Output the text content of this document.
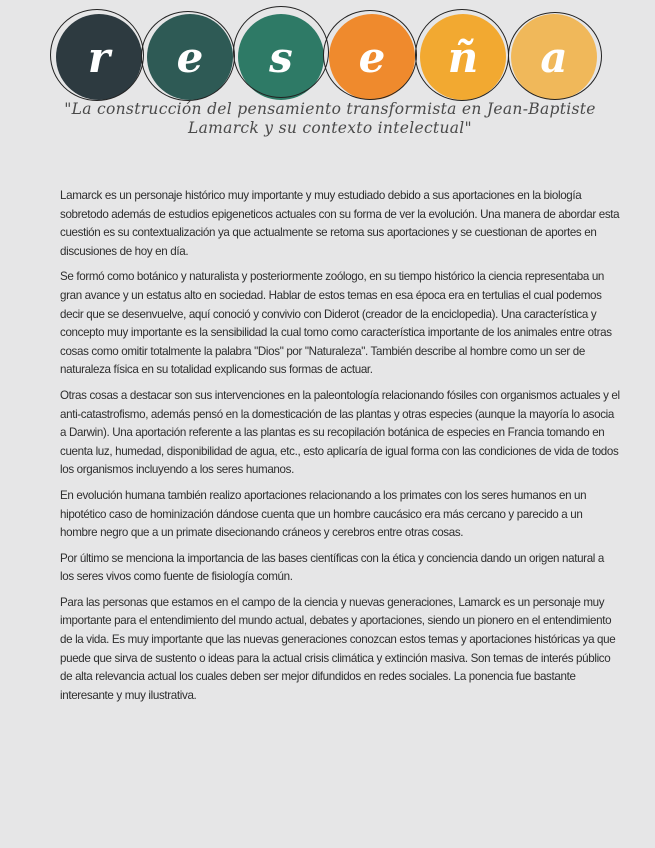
r	e	s	e	ñ	a
"La construcción del pensamiento transformista en Jean-Baptiste Lamarck y su contexto intelectual"

Lamarck es un personaje histórico muy importante y muy estudiado debido a sus aportaciones en la biología sobretodo además de estudios epigeneticos actuales con su forma de ver la evolución. Una manera de abordar esta cuestión es su contextualización ya que actualmente se retoma sus aportaciones y se cuestionan de aportes en discusiones de hoy en día.

Se formó como botánico y naturalista y posteriormente zoólogo, en su tiempo histórico la ciencia representaba un gran avance y un estatus alto en sociedad. Hablar de estos temas en esa época era en tertulias el cual podemos decir que se desenvuelve, aquí conoció y convivio con Diderot (creador de la enciclopedia). Una característica y concepto muy importante es la sensibilidad la cual tomo como característica importante de los animales entre otras cosas como omitir totalmente la palabra "Dios" por "Naturaleza". También describe al hombre como un ser de naturaleza física en su totalidad explicando sus formas de actuar.

Otras cosas a destacar son sus intervenciones en la paleontología relacionando fósiles con organismos actuales y el anti-catastrofismo, además pensó en la domesticación de las plantas y otras especies (aunque la mayoría lo asocia a Darwin). Una aportación referente a las plantas es su recopilación botánica de especies en Francia tomando en cuenta luz, humedad, disponibilidad de agua, etc., esto aplicaría de igual forma con las condiciones de vida de todos los organismos incluyendo a los seres humanos.

En evolución humana también realizo aportaciones relacionando a los primates con los seres humanos en un hipotético caso de hominización dándose cuenta que un hombre caucásico era más cercano y parecido a un hombre negro que a un primate disecionando cráneos y cerebros entre otras cosas.

Por último se menciona la importancia de las bases científicas con la ética y conciencia dando un origen natural a los seres vivos como fuente de fisiología común.

Para las personas que estamos en el campo de la ciencia y nuevas generaciones, Lamarck es un personaje muy importante para el entendimiento del mundo actual, debates y aportaciones, siendo un pionero en el entendimiento de la vida. Es muy importante que las nuevas generaciones conozcan estos temas y aportaciones históricas ya que puede que sirva de sustento o ideas para la actual crisis climática y extinción masiva. Son temas de interés público de alta relevancia actual los cuales deben ser mejor difundidos en redes sociales. La ponencia fue bastante interesante y muy ilustrativa.
